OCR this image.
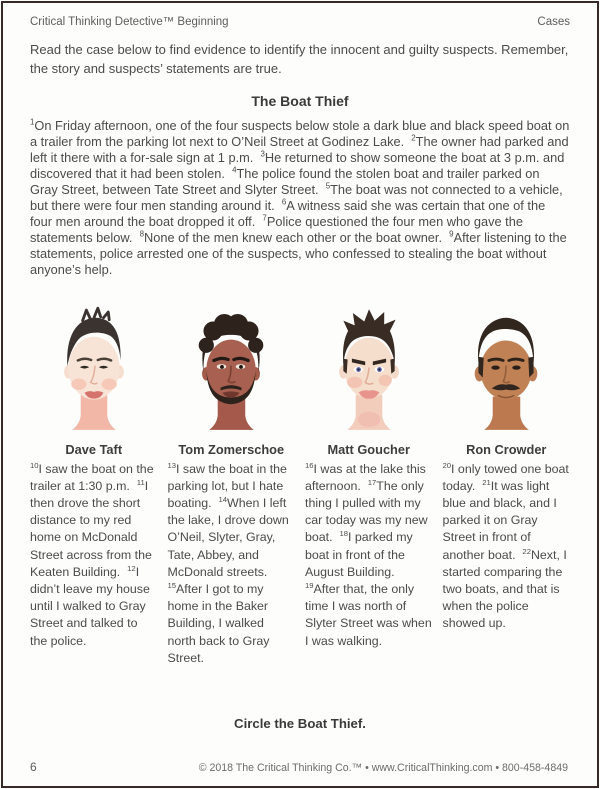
Critical Thinking Detective™ Beginning	Cases
Read the case below to find evidence to identify the innocent and guilty suspects. Remember, the story and suspects’ statements are true.
The Boat Thief
$^1$On Friday afternoon, one of the four suspects below stole a dark blue and black speed boat on a trailer from the parking lot next to O’Neil Street at Godinez Lake. $^2$The owner had parked and left it there with a for-sale sign at 1 p.m. $^3$He returned to show someone the boat at 3 p.m. and discovered that it had been stolen. $^4$The police found the stolen boat and trailer parked on Gray Street, between Tate Street and Slyter Street. $^5$The boat was not connected to a vehicle, but there were four men standing around it. $^6$A witness said she was certain that one of the four men around the boat dropped it off. $^7$Police questioned the four men who gave the statements below. $^8$None of the men knew each other or the boat owner. $^9$After listening to the statements, police arrested one of the suspects, who confessed to stealing the boat without anyone’s help.
Dave Taft
$^{10}$I saw the boat on the trailer at 1:30 p.m. $^{11}$I then drove the short distance to my red home on McDonald Street across from the Keaten Building. $^{12}$I didn’t leave my house until I walked to Gray Street and talked to the police.
Tom Zomerschoe
$^{13}$I saw the boat in the parking lot, but I hate boating. $^{14}$When I left the lake, I drove down O’Neil, Slyter, Gray, Tate, Abbey, and McDonald streets.  $^{15}$After I got to my home in the Baker Building, I walked north back to Gray Street.
Matt Goucher
$^{16}$I was at the lake this afternoon. $^{17}$The only thing I pulled with my car today was my new boat. $^{18}$I parked my boat in front of the August Building.  $^{19}$After that, the only time I was north of Slyter Street was when I was walking.
Ron Crowder
$^{20}$I only towed one boat today. $^{21}$It was light blue and black, and I parked it on Gray Street in front of another boat. $^{22}$Next, I started comparing the two boats, and that is when the police showed up.
Circle the Boat Thief.
6	© 2018 The Critical Thinking Co.™ • www.CriticalThinking.com • 800-458-4849
